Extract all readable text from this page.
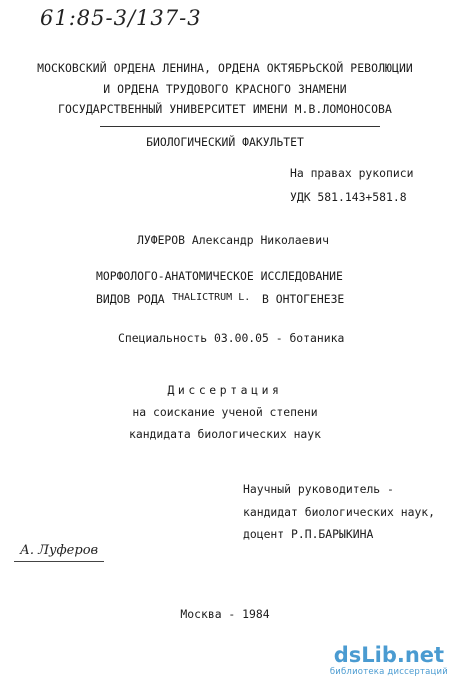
61:85-3/137-3
МОСКОВСКИЙ ОРДЕНА ЛЕНИНА, ОРДЕНА ОКТЯБРЬСКОЙ РЕВОЛЮЦИИ
И ОРДЕНА ТРУДОВОГО КРАСНОГО ЗНАМЕНИ
ГОСУДАРСТВЕННЫЙ УНИВЕРСИТЕТ ИМЕНИ М.В.ЛОМОНОСОВА
БИОЛОГИЧЕСКИЙ ФАКУЛЬТЕТ
На правах рукописи
УДК 581.143+581.8
ЛУФЕРОВ Александр Николаевич
МОРФОЛОГО-АНАТОМИЧЕСКОЕ ИССЛЕДОВАНИЕ
ВИДОВ РОДА THALICTRUM L. В ОНТОГЕНЕЗЕ
Специальность 03.00.05 - ботаника
Диссертация
на соискание ученой степени
кандидата биологических наук
Научный руководитель -
кандидат биологических наук,
доцент Р.П.БАРЫКИНА
А. Луферов
Москва - 1984
dsLib.net
библиотека диссертаций
